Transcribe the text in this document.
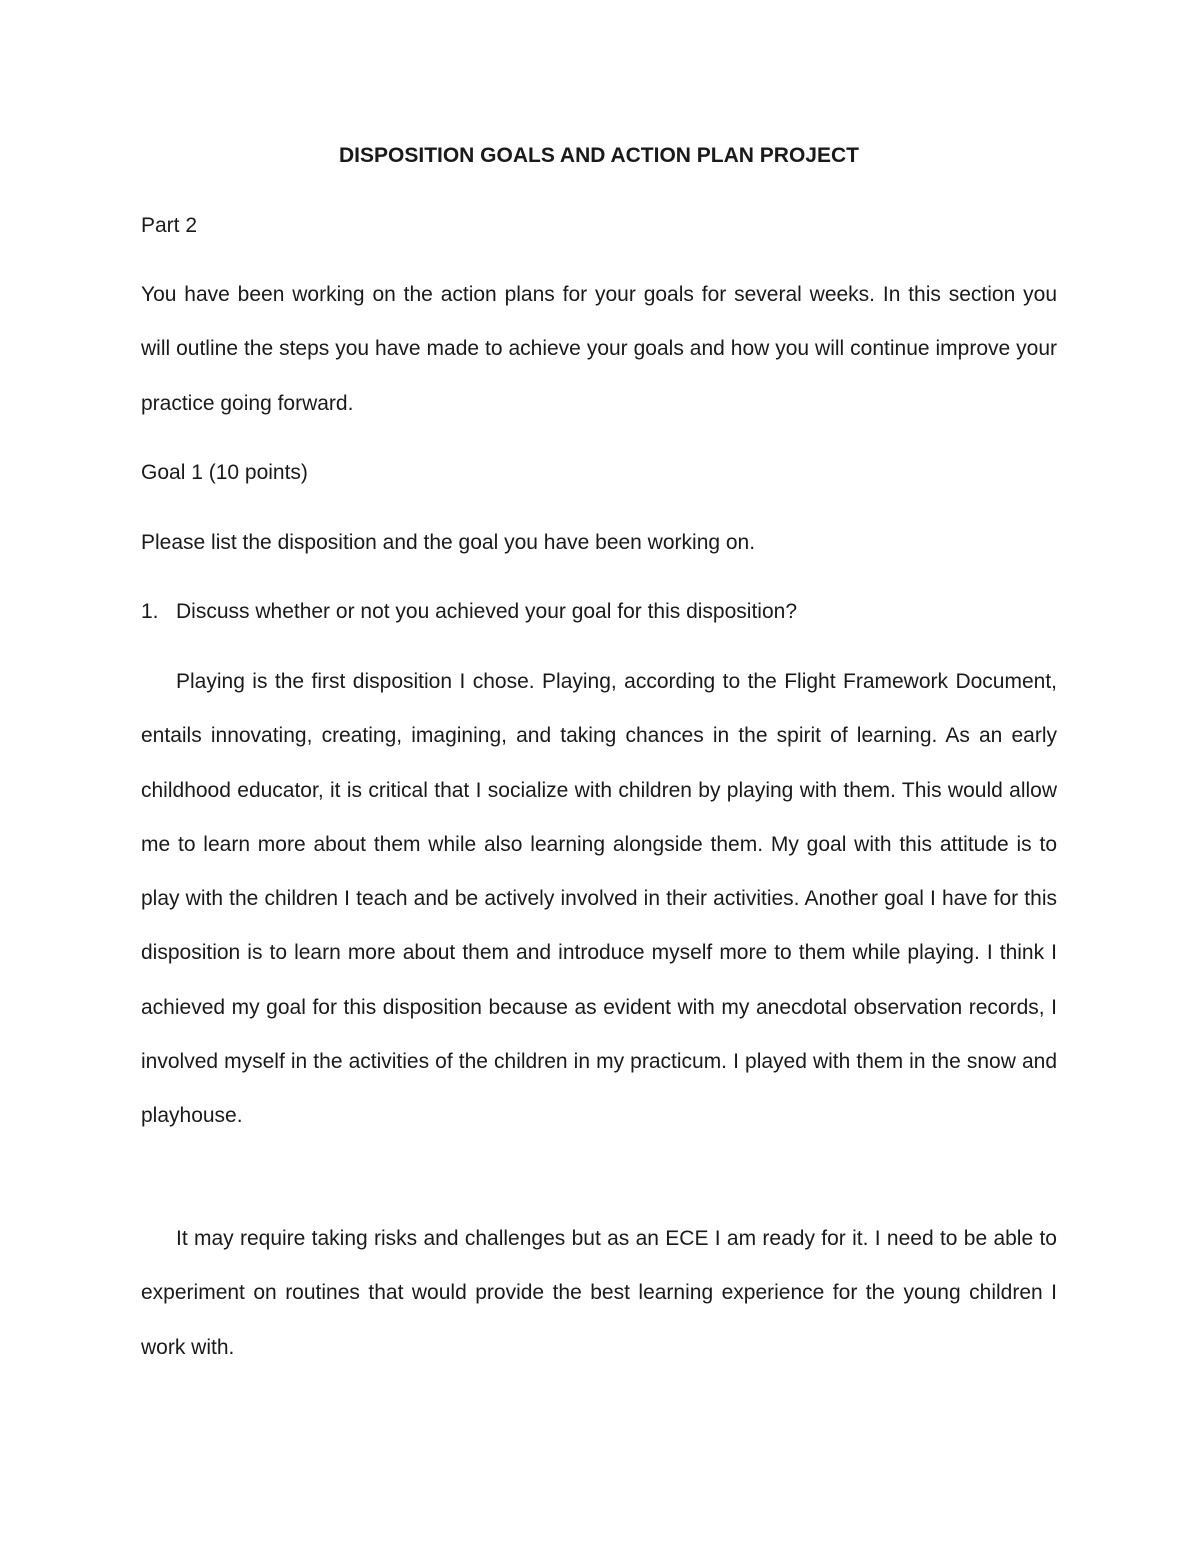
DISPOSITION GOALS AND ACTION PLAN PROJECT

Part 2

You have been working on the action plans for your goals for several weeks. In this section you will outline the steps you have made to achieve your goals and how you will continue improve your practice going forward.

Goal 1 (10 points)

Please list the disposition and the goal you have been working on.

1. Discuss whether or not you achieved your goal for this disposition?

Playing is the first disposition I chose. Playing, according to the Flight Framework Document, entails innovating, creating, imagining, and taking chances in the spirit of learning. As an early childhood educator, it is critical that I socialize with children by playing with them. This would allow me to learn more about them while also learning alongside them. My goal with this attitude is to play with the children I teach and be actively involved in their activities. Another goal I have for this disposition is to learn more about them and introduce myself more to them while playing. I think I achieved my goal for this disposition because as evident with my anecdotal observation records, I involved myself in the activities of the children in my practicum. I played with them in the snow and playhouse.

It may require taking risks and challenges but as an ECE I am ready for it. I need to be able to experiment on routines that would provide the best learning experience for the young children I work with.
